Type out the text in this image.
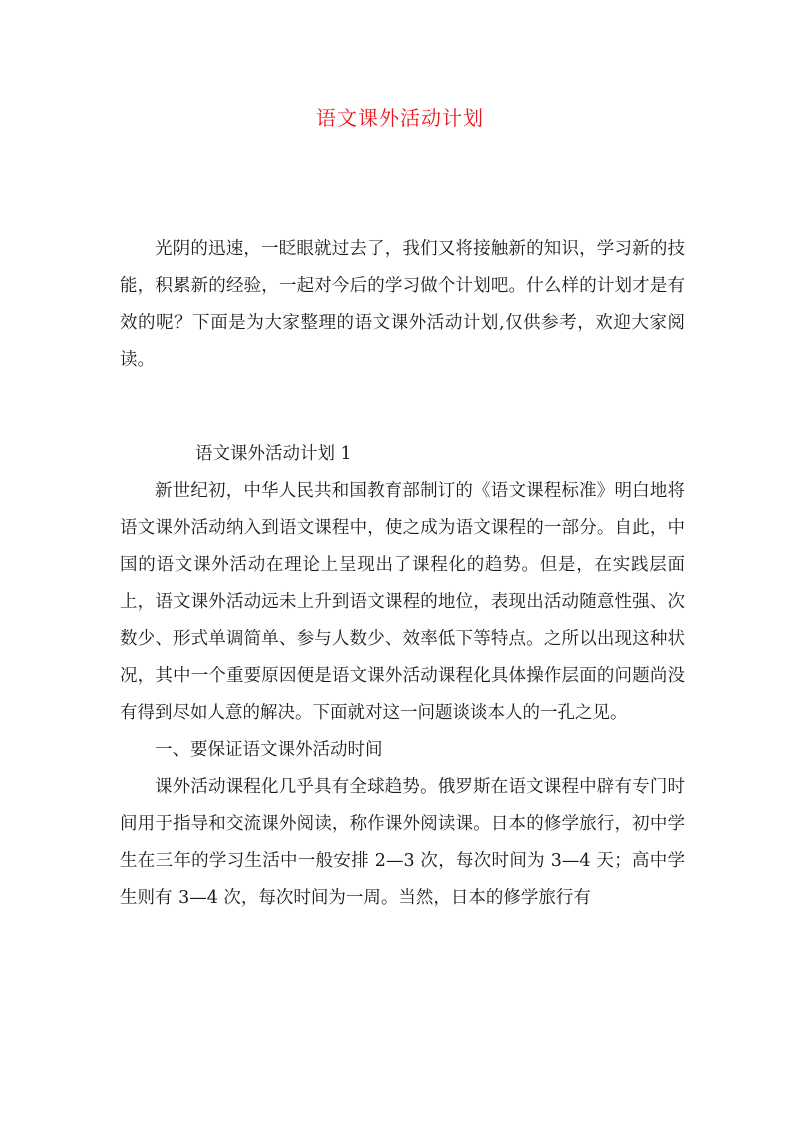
语文课外活动计划

光阴的迅速，一眨眼就过去了，我们又将接触新的知识，学习新的技能，积累新的经验，一起对今后的学习做个计划吧。什么样的计划才是有效的呢？下面是为大家整理的语文课外活动计划,仅供参考，欢迎大家阅读。

语文课外活动计划 1

新世纪初，中华人民共和国教育部制订的《语文课程标准》明白地将语文课外活动纳入到语文课程中，使之成为语文课程的一部分。自此，中国的语文课外活动在理论上呈现出了课程化的趋势。但是，在实践层面上，语文课外活动远未上升到语文课程的地位，表现出活动随意性强、次数少、形式单调简单、参与人数少、效率低下等特点。之所以出现这种状况，其中一个重要原因便是语文课外活动课程化具体操作层面的问题尚没有得到尽如人意的解决。下面就对这一问题谈谈本人的一孔之见。

一、要保证语文课外活动时间

课外活动课程化几乎具有全球趋势。俄罗斯在语文课程中辟有专门时间用于指导和交流课外阅读，称作课外阅读课。日本的修学旅行，初中学生在三年的学习生活中一般安排 2—3 次，每次时间为 3—4 天；高中学生则有 3—4 次，每次时间为一周。当然，日本的修学旅行有
